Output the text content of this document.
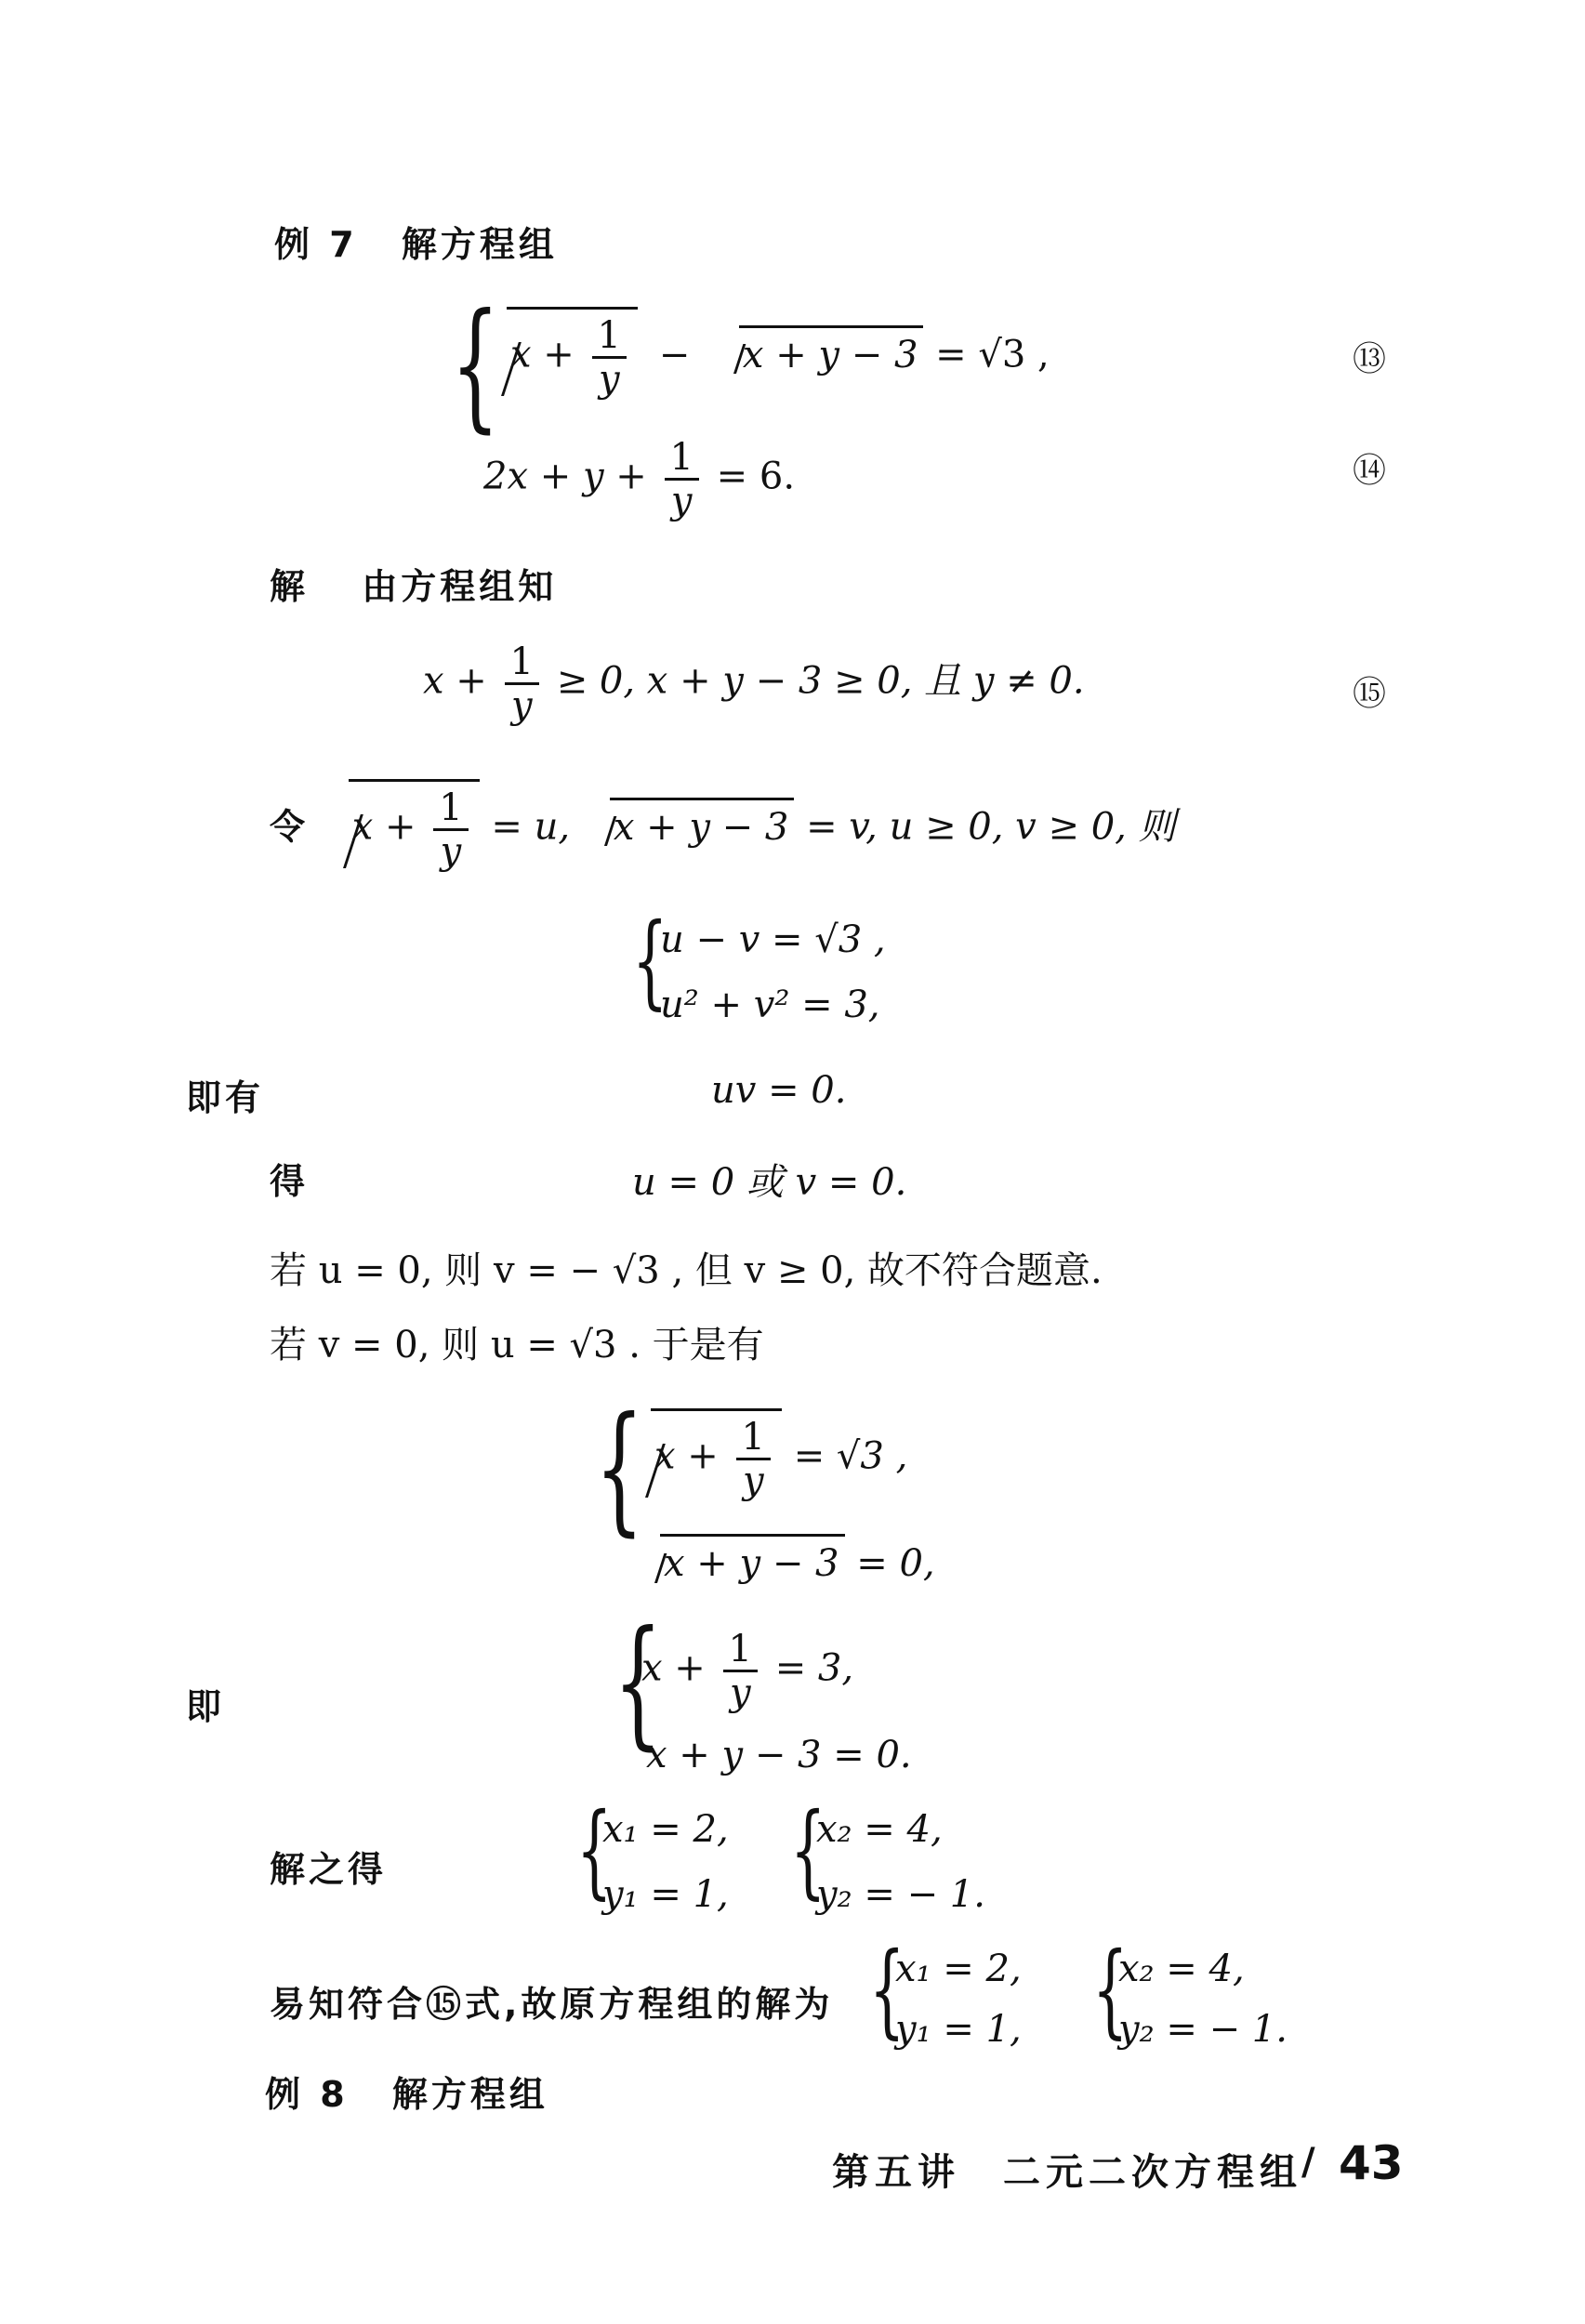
例 7 解方程组
{ $x + \frac{1}{y} - x + y - 3 = √3$ ,	⑬
$2x + y + \frac{1}{y} = 6$.	⑭
解 由方程组知
$x + \frac{1}{y} \ge 0$, x + y − 3 ≥ 0, 且 y ≠ 0.	⑮
令 $x + \frac{1}{y} = u$, x + y − 3 = v, u ≥ 0, v ≥ 0, 则
{
u − v = √3 ,
u² + v² = 3,
即有	uv = 0.
得	u = 0 或 v = 0.
若 u = 0, 则 v = − √3 , 但 v ≥ 0, 故不符合题意.
若 v = 0, 则 u = √3 . 于是有
{ $x + \frac{1}{y} = √3$ ,
x + y − 3 = 0,
即	{
$x + \frac{1}{y} = 3$,
x + y − 3 = 0.
解之得 {
x₁ = 2,
y₁ = 1, {
x₂ = 4,
y₂ = − 1.
易知符合⑮式,故原方程组的解为 {
x₁ = 2,
y₁ = 1, {
x₂ = 4,
y₂ = − 1.
例 8 解方程组
第五讲　二元二次方程组 / 43
